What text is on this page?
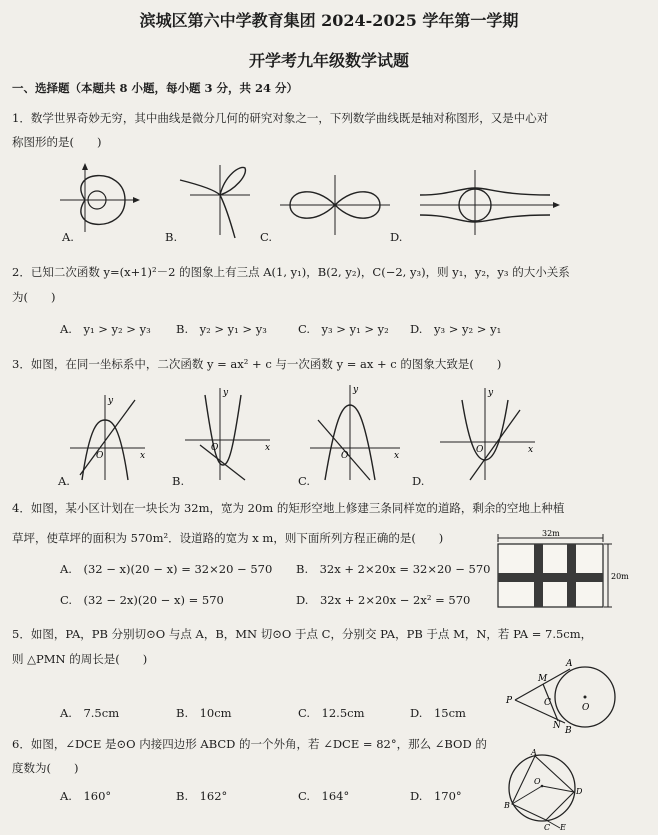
滨城区第六中学教育集团 2024-2025 学年第一学期
开学考九年级数学试题
一、选择题（本题共 8 小题，每小题 3 分，共 24 分）
1．数学世界奇妙无穷，其中曲线是微分几何的研究对象之一，下列数学曲线既是轴对称图形，又是中心对
称图形的是(　　)
A.	B.	C.	D.
2．已知二次函数 y=(x+1)²－2 的图象上有三点 A(1, y₁)，B(2, y₂)，C(−2, y₃)，则 y₁，y₂，y₃ 的大小关系
为(　　)
A.　y₁ > y₂ > y₃ B.　y₂ > y₁ > y₃	C.　y₃ > y₁ > y₂ D.　y₃ > y₂ > y₁
3．如图，在同一坐标系中，二次函数 y = ax² + c 与一次函数 y = ax + c 的图象大致是(　　)
y
x
O
y
x
O
y
x
O
y
x
O
A.	B.	C.	D.
4．如图，某小区计划在一块长为 32m，宽为 20m 的矩形空地上修建三条同样宽的道路，剩余的空地上种植
草坪，使草坪的面积为 570m²．设道路的宽为 x m，则下面所列方程正确的是(　　)
A.　(32 − x)(20 − x) = 32×20 − 570 B.　32x + 2×20x = 32×20 − 570
C.　(32 − 2x)(20 − x) = 570	D.　32x + 2×20x − 2x² = 570
32m
20m
5．如图，PA，PB 分别切⊙O 与点 A，B，MN 切⊙O 于点 C，分别交 PA，PB 于点 M，N，若 PA = 7.5cm，
则 △PMN 的周长是(　　)
A.　7.5cm	B.　10cm	C.　12.5cm	D.　15cm
P
M
A
C	O
N B
6．如图，∠DCE 是⊙O 内接四边形 ABCD 的一个外角，若 ∠DCE = 82°，那么 ∠BOD 的
度数为(　　)
A.　160°	B.　162°	C.　164°	D.　170°
A
O
D
B
C E
